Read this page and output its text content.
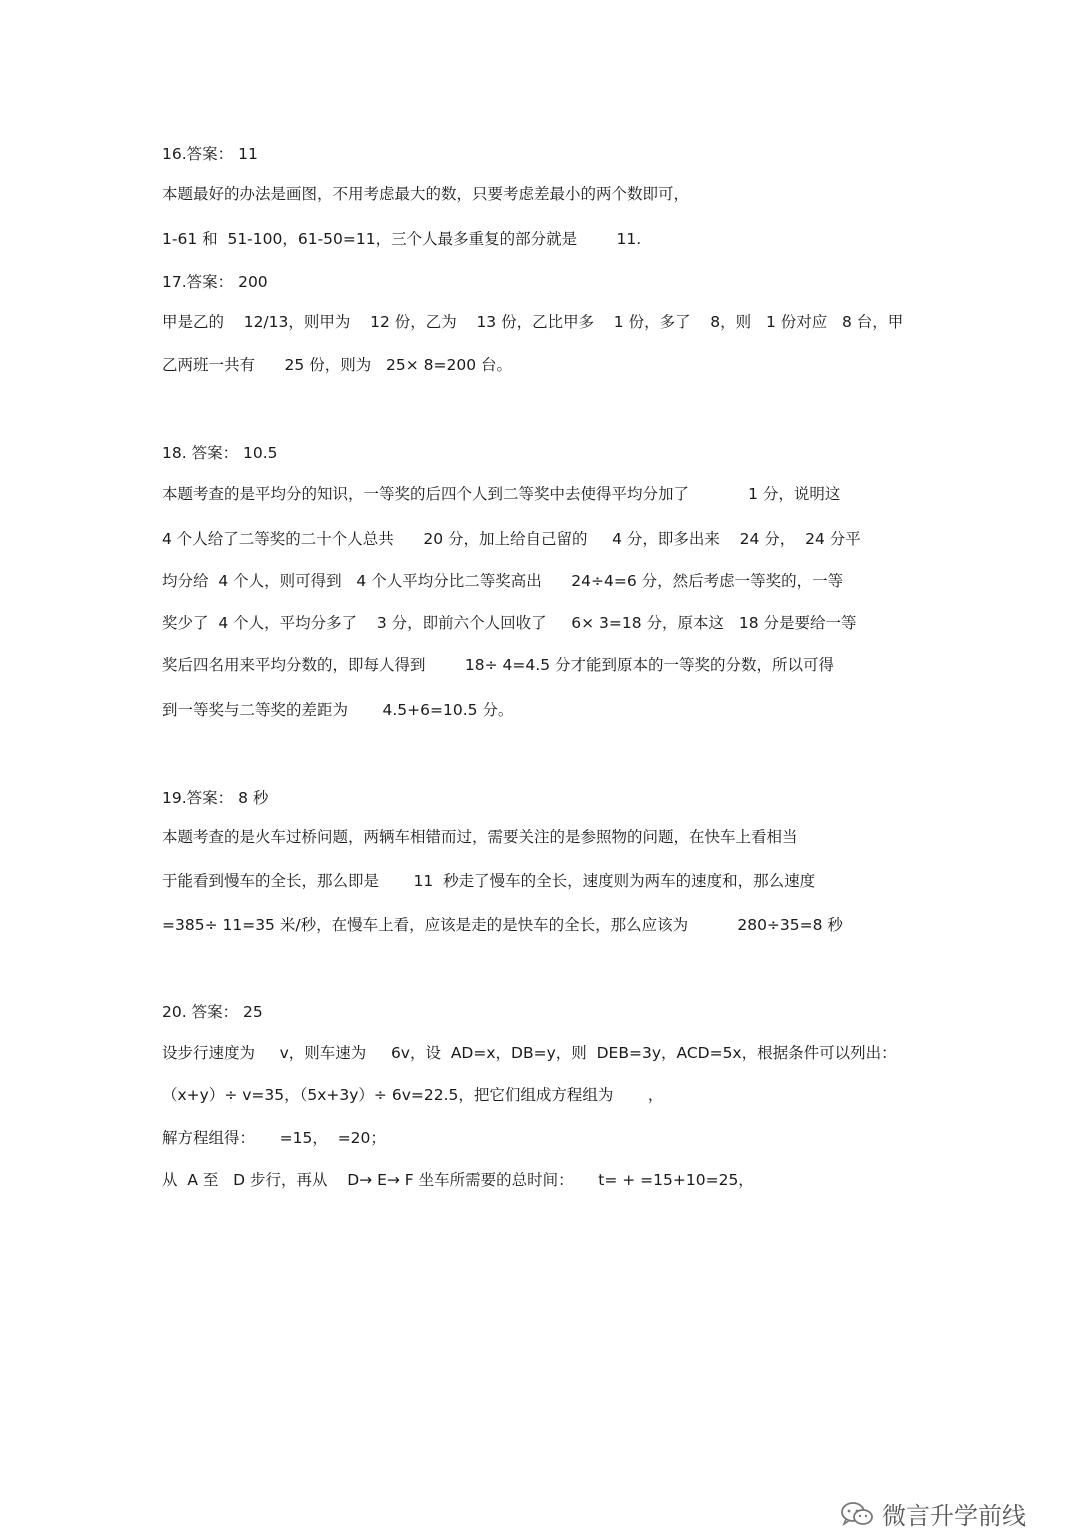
16.答案： 11
本题最好的办法是画图，不用考虑最大的数，只要考虑差最小的两个数即可，
1-61 和  51-100，61-50=11，三个人最多重复的部分就是        11.
17.答案： 200
甲是乙的    12/13，则甲为    12 份，乙为    13 份，乙比甲多    1 份，多了    8，则   1 份对应   8 台，甲
乙两班一共有      25 份，则为   25× 8=200 台。
18. 答案： 10.5
本题考查的是平均分的知识，一等奖的后四个人到二等奖中去使得平均分加了            1 分，说明这
4 个人给了二等奖的二十个人总共      20 分，加上给自己留的     4 分，即多出来    24 分，  24 分平
均分给  4 个人，则可得到   4 个人平均分比二等奖高出      24÷4=6 分，然后考虑一等奖的，一等
奖少了  4 个人，平均分多了    3 分，即前六个人回收了     6× 3=18 分，原本这   18 分是要给一等
奖后四名用来平均分数的，即每人得到        18÷ 4=4.5 分才能到原本的一等奖的分数，所以可得
到一等奖与二等奖的差距为       4.5+6=10.5 分。
19.答案： 8 秒
本题考查的是火车过桥问题，两辆车相错而过，需要关注的是参照物的问题，在快车上看相当
于能看到慢车的全长，那么即是       11  秒走了慢车的全长，速度则为两车的速度和，那么速度
=385÷ 11=35 米/秒，在慢车上看，应该是走的是快车的全长，那么应该为          280÷35=8 秒
20. 答案： 25
设步行速度为     v，则车速为     6v，设  AD=x，DB=y，则  DEB=3y，ACD=5x，根据条件可以列出：
（x+y）÷ v=35，（5x+3y）÷ 6v=22.5，把它们组成方程组为       ，
解方程组得：     =15，  =20；
从  A 至   D 步行，再从    D→ E→ F 坐车所需要的总时间：     t= + =15+10=25，
微言升学前线
